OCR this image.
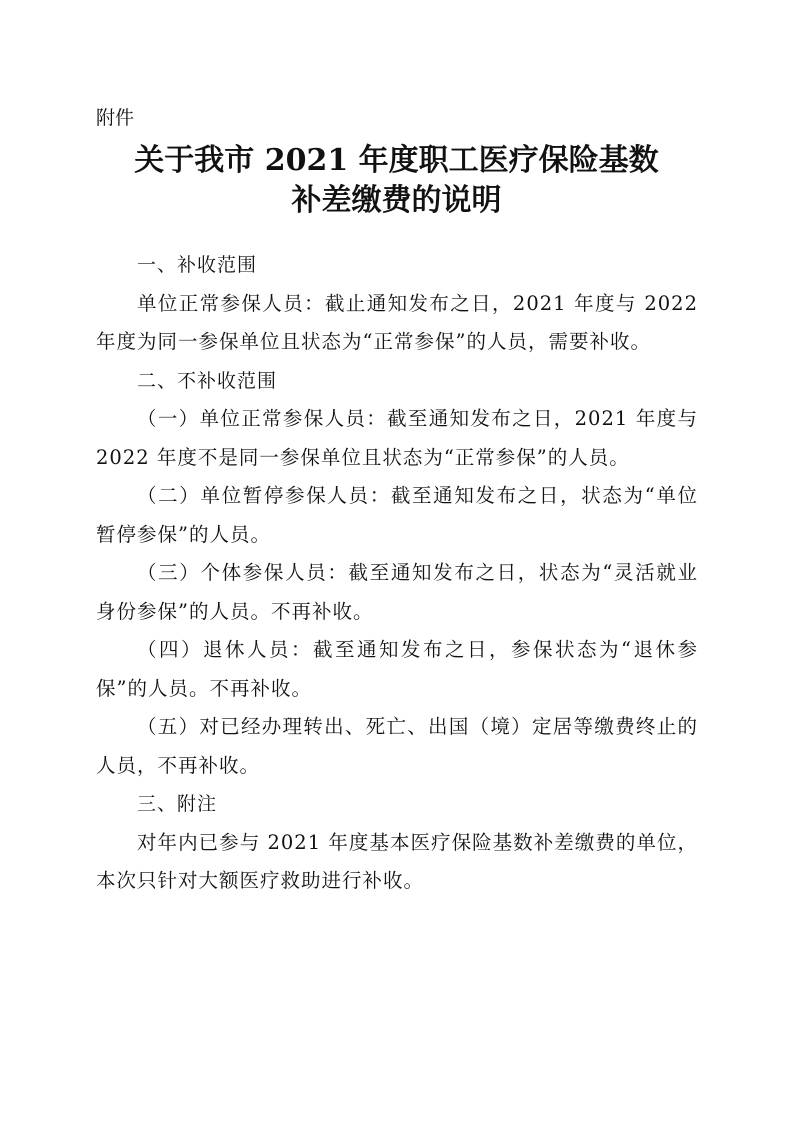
附件
关于我市 2021 年度职工医疗保险基数
补差缴费的说明

一、补收范围

单位正常参保人员：截止通知发布之日，2021 年度与 2022 年度为同一参保单位且状态为“正常参保”的人员，需要补收。

二、不补收范围

（一）单位正常参保人员：截至通知发布之日，2021 年度与 2022 年度不是同一参保单位且状态为“正常参保”的人员。

（二）单位暂停参保人员：截至通知发布之日，状态为“单位暂停参保”的人员。

（三）个体参保人员：截至通知发布之日，状态为“灵活就业身份参保”的人员。不再补收。

（四）退休人员：截至通知发布之日，参保状态为“退休参保”的人员。不再补收。

（五）对已经办理转出、死亡、出国（境）定居等缴费终止的人员，不再补收。

三、附注

对年内已参与 2021 年度基本医疗保险基数补差缴费的单位，本次只针对大额医疗救助进行补收。
